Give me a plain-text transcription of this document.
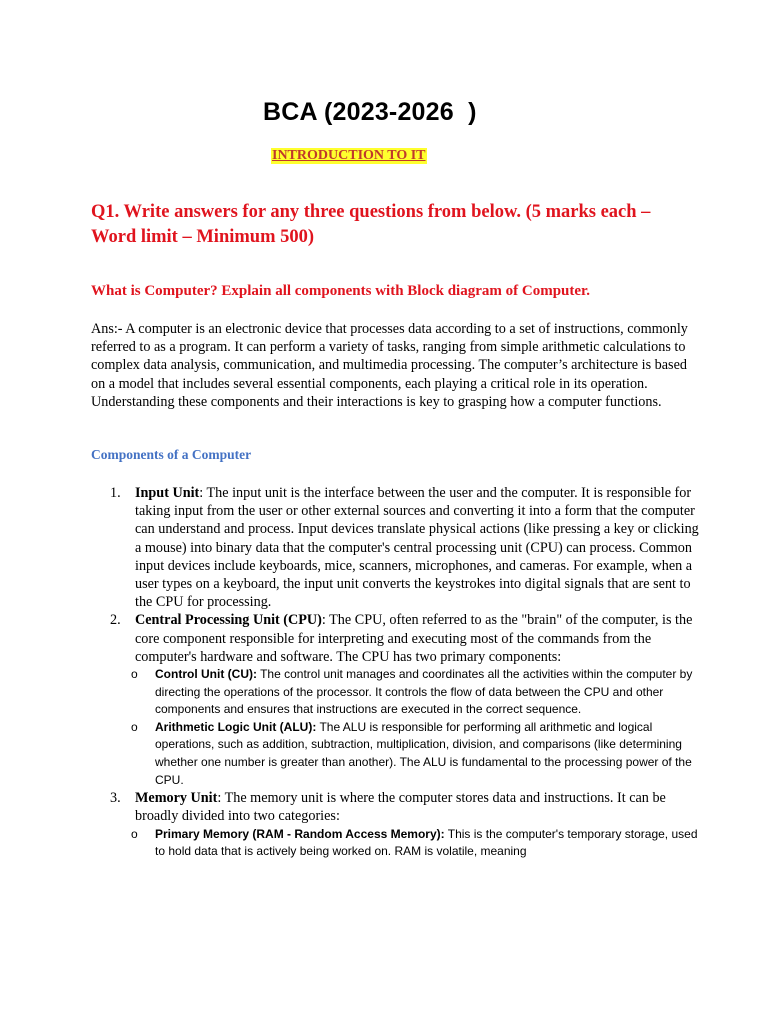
BCA (2023-2026  )
INTRODUCTION TO IT
Q1. Write answers for any three questions from below. (5 marks each – Word limit – Minimum 500)
What is Computer? Explain all components with Block diagram of Computer.
Ans:- A computer is an electronic device that processes data according to a set of instructions, commonly referred to as a program. It can perform a variety of tasks, ranging from simple arithmetic calculations to complex data analysis, communication, and multimedia processing. The computer’s architecture is based on a model that includes several essential components, each playing a critical role in its operation. Understanding these components and their interactions is key to grasping how a computer functions.
Components of a Computer
1. Input Unit: The input unit is the interface between the user and the computer. It is responsible for taking input from the user or other external sources and converting it into a form that the computer can understand and process. Input devices translate physical actions (like pressing a key or clicking a mouse) into binary data that the computer's central processing unit (CPU) can process. Common input devices include keyboards, mice, scanners, microphones, and cameras. For example, when a user types on a keyboard, the input unit converts the keystrokes into digital signals that are sent to the CPU for processing.
2. Central Processing Unit (CPU): The CPU, often referred to as the "brain" of the computer, is the core component responsible for interpreting and executing most of the commands from the computer's hardware and software. The CPU has two primary components:
o Control Unit (CU): The control unit manages and coordinates all the activities within the computer by directing the operations of the processor. It controls the flow of data between the CPU and other components and ensures that instructions are executed in the correct sequence.
o Arithmetic Logic Unit (ALU): The ALU is responsible for performing all arithmetic and logical operations, such as addition, subtraction, multiplication, division, and comparisons (like determining whether one number is greater than another). The ALU is fundamental to the processing power of the CPU.
3. Memory Unit: The memory unit is where the computer stores data and instructions. It can be broadly divided into two categories:
o Primary Memory (RAM - Random Access Memory): This is the computer's temporary storage, used to hold data that is actively being worked on. RAM is volatile, meaning
